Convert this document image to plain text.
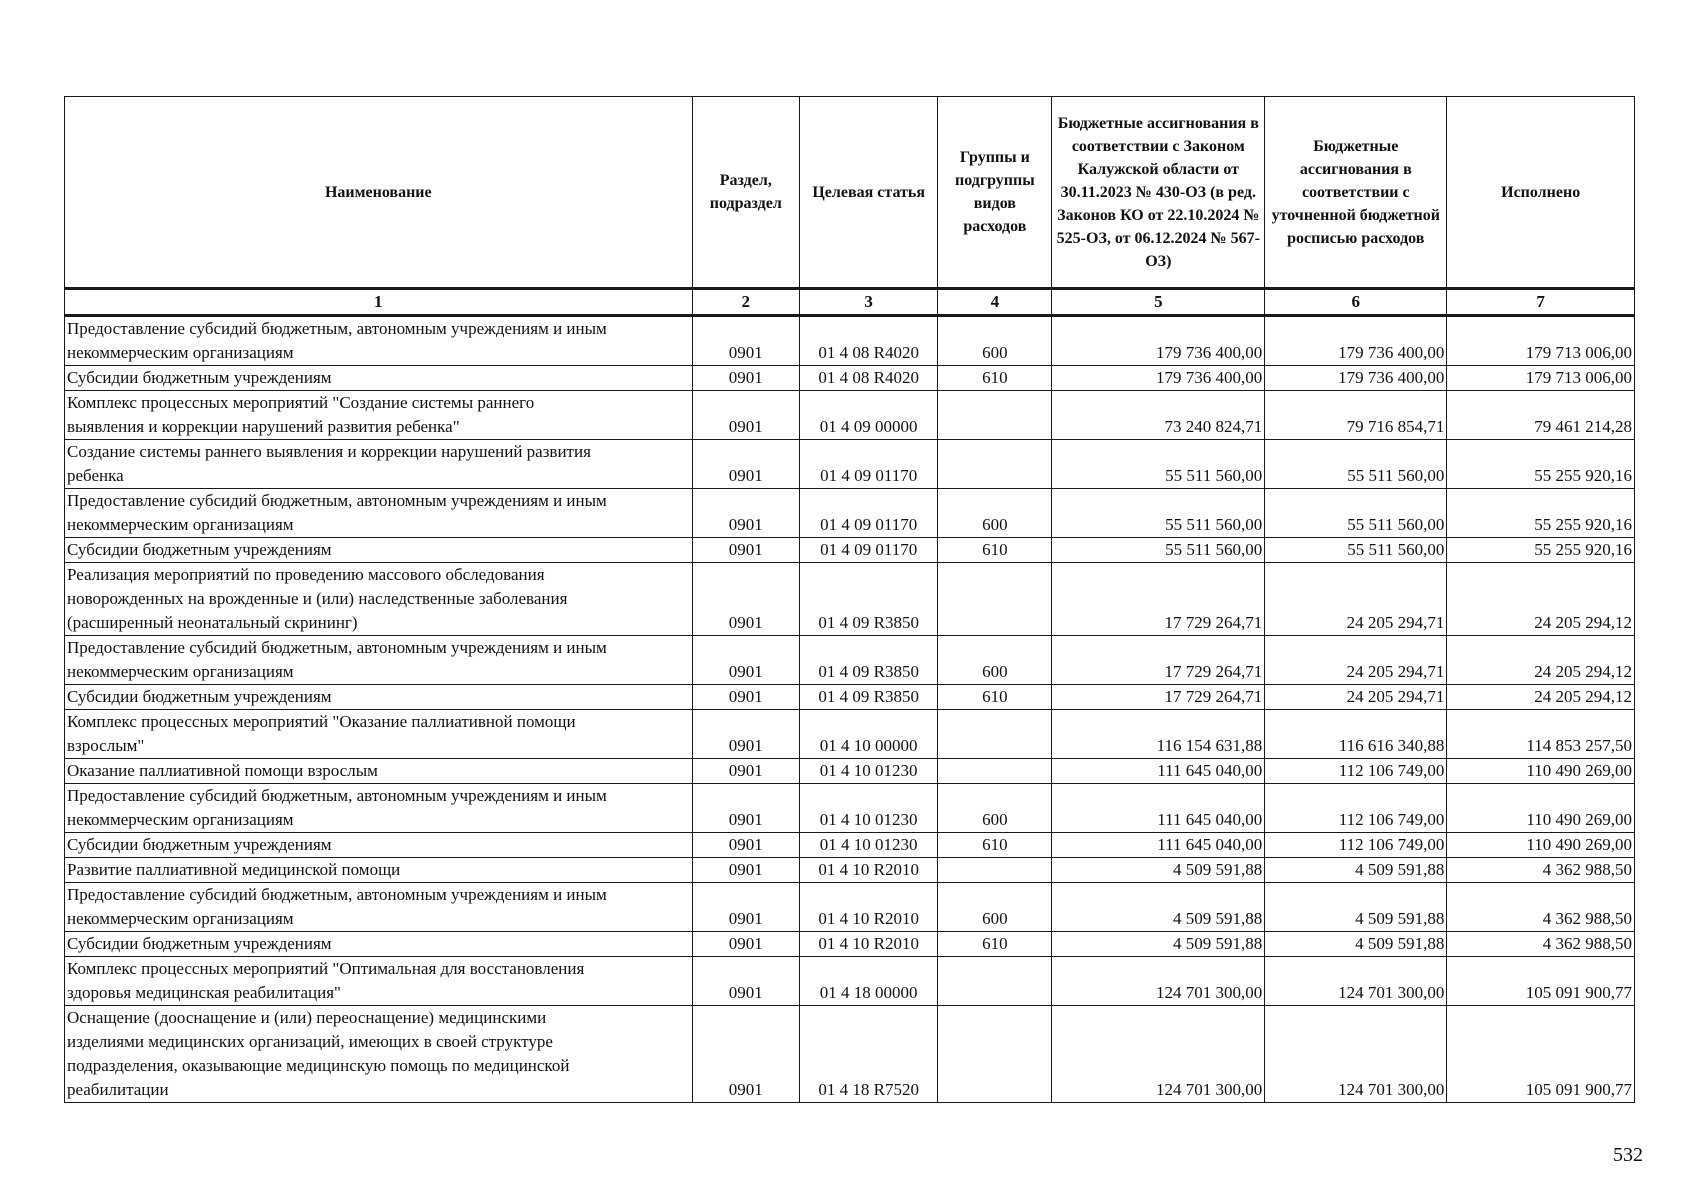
Наименование	Раздел, подраздел	Целевая статья	Группы и подгруппы видов расходов	Бюджетные ассигнования в соответствии с Законом Калужской области от 30.11.2023 № 430-ОЗ (в ред. Законов КО от 22.10.2024 № 525-ОЗ, от 06.12.2024 № 567-ОЗ)	Бюджетные ассигнования в соответствии с уточненной бюджетной росписью расходов	Исполнено
1	2	3	4	5	6	7

Предоставление субсидий бюджетным, автономным учреждениям и иным
некоммерческим организациям	0901	01 4 08 R4020	600	179 736 400,00	179 736 400,00	179 713 006,00

Субсидии бюджетным учреждениям	0901	01 4 08 R4020	610	179 736 400,00	179 736 400,00	179 713 006,00

Комплекс процессных мероприятий "Создание системы раннего
выявления и коррекции нарушений развития ребенка"	0901	01 4 09 00000		73 240 824,71	79 716 854,71	79 461 214,28

Создание системы раннего выявления и коррекции нарушений развития
ребенка	0901	01 4 09 01170		55 511 560,00	55 511 560,00	55 255 920,16

Предоставление субсидий бюджетным, автономным учреждениям и иным
некоммерческим организациям	0901	01 4 09 01170	600	55 511 560,00	55 511 560,00	55 255 920,16

Субсидии бюджетным учреждениям	0901	01 4 09 01170	610	55 511 560,00	55 511 560,00	55 255 920,16

Реализация мероприятий по проведению массового обследования
новорожденных на врожденные и (или) наследственные заболевания
(расширенный неонатальный скрининг)	0901	01 4 09 R3850		17 729 264,71	24 205 294,71	24 205 294,12

Предоставление субсидий бюджетным, автономным учреждениям и иным
некоммерческим организациям	0901	01 4 09 R3850	600	17 729 264,71	24 205 294,71	24 205 294,12

Субсидии бюджетным учреждениям	0901	01 4 09 R3850	610	17 729 264,71	24 205 294,71	24 205 294,12

Комплекс процессных мероприятий "Оказание паллиативной помощи
взрослым"	0901	01 4 10 00000		116 154 631,88	116 616 340,88	114 853 257,50

Оказание паллиативной помощи взрослым	0901	01 4 10 01230		111 645 040,00	112 106 749,00	110 490 269,00

Предоставление субсидий бюджетным, автономным учреждениям и иным
некоммерческим организациям	0901	01 4 10 01230	600	111 645 040,00	112 106 749,00	110 490 269,00

Субсидии бюджетным учреждениям	0901	01 4 10 01230	610	111 645 040,00	112 106 749,00	110 490 269,00

Развитие паллиативной медицинской помощи	0901	01 4 10 R2010		4 509 591,88	4 509 591,88	4 362 988,50

Предоставление субсидий бюджетным, автономным учреждениям и иным
некоммерческим организациям	0901	01 4 10 R2010	600	4 509 591,88	4 509 591,88	4 362 988,50

Субсидии бюджетным учреждениям	0901	01 4 10 R2010	610	4 509 591,88	4 509 591,88	4 362 988,50

Комплекс процессных мероприятий "Оптимальная для восстановления
здоровья медицинская реабилитация"	0901	01 4 18 00000		124 701 300,00	124 701 300,00	105 091 900,77

Оснащение (дооснащение и (или) переоснащение) медицинскими
изделиями медицинских организаций, имеющих в своей структуре
подразделения, оказывающие медицинскую помощь по медицинской
реабилитации	0901	01 4 18 R7520		124 701 300,00	124 701 300,00	105 091 900,77
532
